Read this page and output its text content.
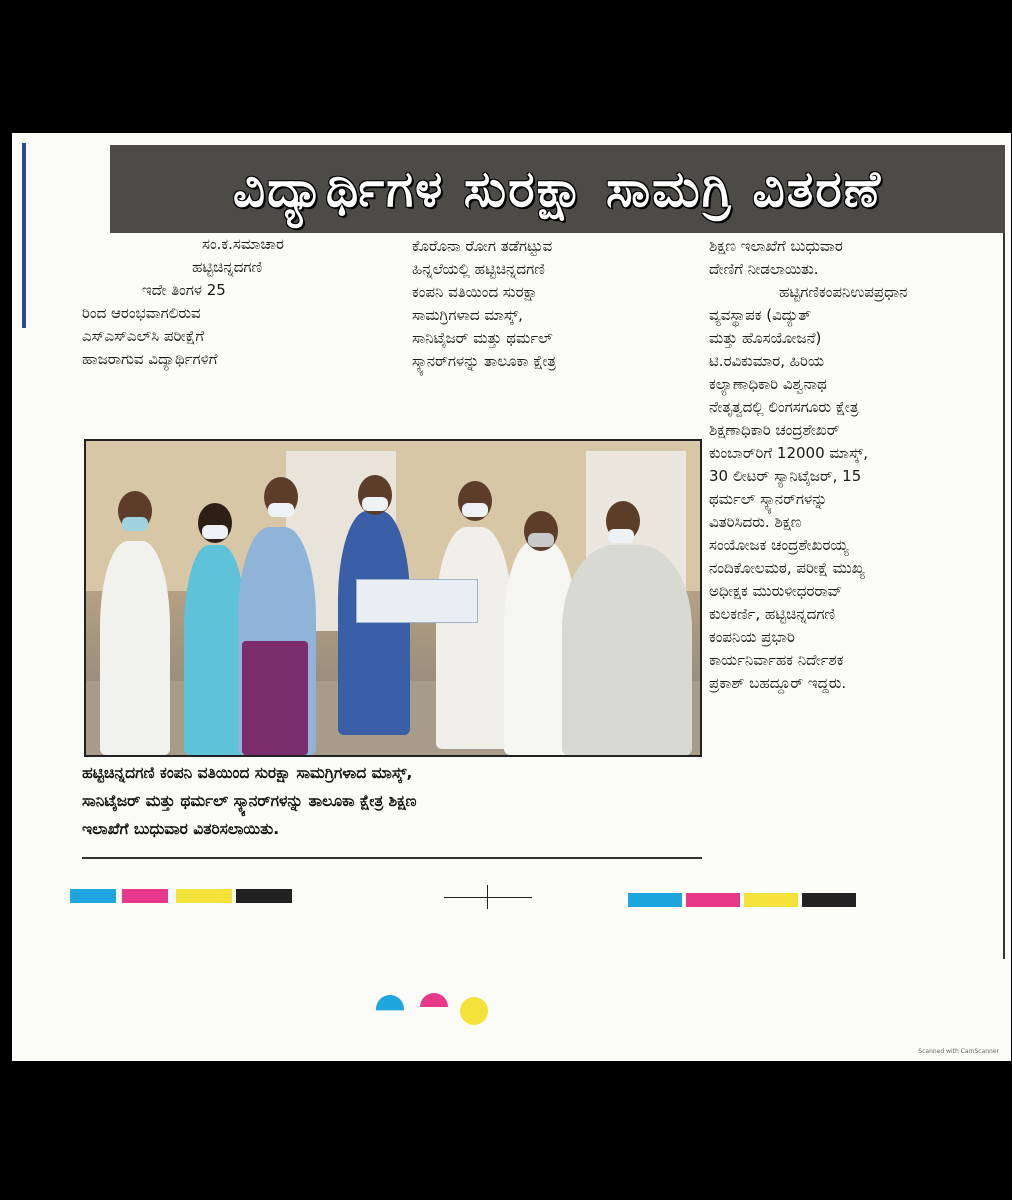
ವಿದ್ಯಾರ್ಥಿಗಳ ಸುರಕ್ಷಾ ಸಾಮಗ್ರಿ ವಿತರಣೆ
ಸಂ.ಕ.ಸಮಾಚಾರ
ಹಟ್ಟಿಚಿನ್ನದಗಣಿ
ಇದೇ ತಿಂಗಳ 25
ರಿಂದ ಆರಂಭವಾಗಲಿರುವ
ಎಸ್‌ಎಸ್‌ಎಲ್‌ಸಿ ಪರೀಕ್ಷೆಗೆ
ಹಾಜರಾಗುವ ವಿದ್ಯಾರ್ಥಿಗಳಿಗೆ
ಕೊರೊನಾ ರೋಗ ತಡೆಗಟ್ಟುವ
ಹಿನ್ನಲೆಯಲ್ಲಿ ಹಟ್ಟಿಚಿನ್ನದಗಣಿ
ಕಂಪನಿ ವತಿಯಿಂದ ಸುರಕ್ಷಾ
ಸಾಮಗ್ರಿಗಳಾದ ಮಾಸ್ಕ್,
ಸಾನಿಟೈಜರ್ ಮತ್ತು ಥರ್ಮಲ್
ಸ್ಕ್ಯಾನರ್‌ಗಳನ್ನು ತಾಲೂಕಾ ಕ್ಷೇತ್ರ
ಶಿಕ್ಷಣ ಇಲಾಖೆಗೆ ಬುಧುವಾರ
ದೇಣಿಗೆ ನೀಡಲಾಯಿತು.
ಹಟ್ಟಿಗಣಿಕಂಪನಿಉಪಪ್ರಧಾನ
ವ್ಯವಸ್ಥಾಪಕ (ವಿದ್ಯುತ್
ಮತ್ತು ಹೊಸಯೋಜನೆ)
ಟಿ.ರವಿಕುಮಾರ, ಹಿರಿಯ
ಕಲ್ಯಾಣಾಧಿಕಾರಿ ವಿಶ್ವನಾಥ
ನೇತೃತ್ವದಲ್ಲಿ ಲಿಂಗಸಗೂರು ಕ್ಷೇತ್ರ
ಶಿಕ್ಷಣಾಧಿಕಾರಿ ಚಂದ್ರಶೇಖರ್
ಕುಂಬಾರ್‌ರಿಗೆ 12000 ಮಾಸ್ಕ್,
30 ಲೀಟರ್ ಸ್ಯಾನಿಟೈಜರ್, 15
ಥರ್ಮಲ್ ಸ್ಕ್ಯಾನರ್‌ಗಳನ್ನು
ವಿತರಿಸಿದರು. ಶಿಕ್ಷಣ
ಸಂಯೋಜಕ ಚಂದ್ರಶೇಖರಯ್ಯ
ನಂದಿಕೋಲಮಠ, ಪರೀಕ್ಷೆ ಮುಖ್ಯ
ಅಧೀಕ್ಷಕ ಮುರುಳೀಧರರಾವ್
ಕುಲಕರ್ಣಿ, ಹಟ್ಟಿಚಿನ್ನದಗಣಿ
ಕಂಪನಿಯ ಪ್ರಭಾರಿ
ಕಾರ್ಯನಿರ್ವಾಹಕ ನಿರ್ದೇಶಕ
ಪ್ರಕಾಶ್ ಬಹದ್ದೂರ್ ಇದ್ದರು.
ಹಟ್ಟಿಚಿನ್ನದಗಣಿ ಕಂಪನಿ ವತಿಯಿಂದ ಸುರಕ್ಷಾ ಸಾಮಗ್ರಿಗಳಾದ ಮಾಸ್ಕ್,
ಸಾನಿಟೈಜರ್ ಮತ್ತು ಥರ್ಮಲ್ ಸ್ಕ್ಯಾನರ್‌ಗಳನ್ನು ತಾಲೂಕಾ ಕ್ಷೇತ್ರ ಶಿಕ್ಷಣ
ಇಲಾಖೆಗೆ ಬುಧುವಾರ ವಿತರಿಸಲಾಯಿತು.
Scanned with CamScanner
